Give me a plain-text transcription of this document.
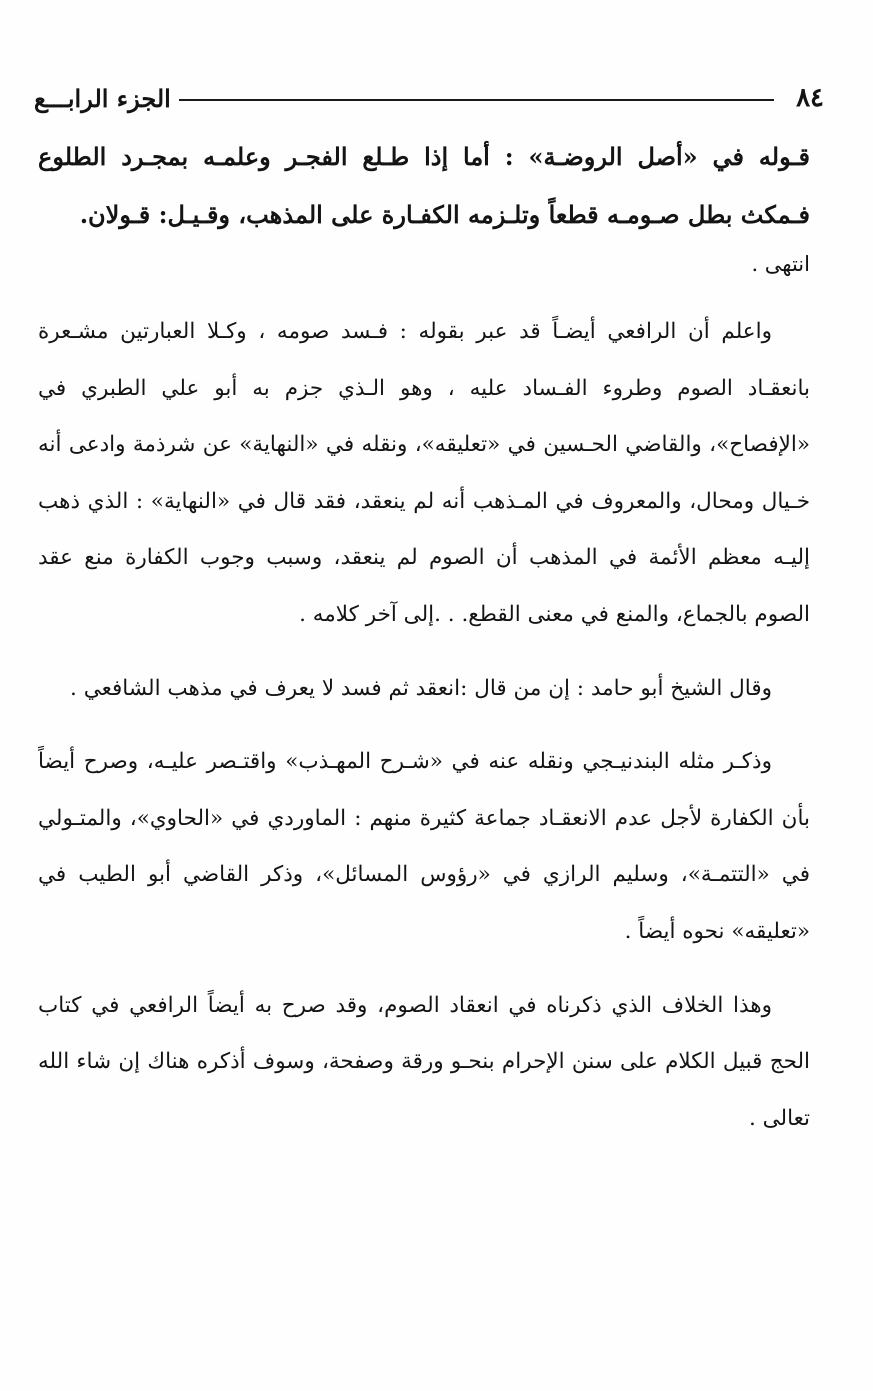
٨٤
الجزء الرابـــع

قـوله في «أصل الروضـة» : أما إذا طـلع الفجـر وعلمـه بمجـرد الطلوع فـمكث بطل صـومـه قطعاً وتلـزمه الكفـارة على المذهب، وقـيـل: قـولان.

انتهى .

واعلم أن الرافعي أيضـاً قد عبر بقوله : فـسد صومه ، وكـلا العبارتين مشـعرة بانعقـاد الصوم وطروء الفـساد عليه ، وهو الـذي جزم به أبو علي الطبري في «الإفصاح»، والقاضي الحـسين في «تعليقه»، ونقله في «النهاية» عن شرذمة وادعى أنه خـيال ومحال، والمعروف في المـذهب أنه لم ينعقد، فقد قال في «النهاية» : الذي ذهب إليـه معظم الأئمة في المذهب أن الصوم لم ينعقد، وسبب وجوب الكفارة منع عقد الصوم بالجماع، والمنع في معنى القطع. . .إلى آخر كلامه .

وقال الشيخ أبو حامد : إن من قال :انعقد ثم فسد لا يعرف في مذهب الشافعي .

وذكـر مثله البندنيـجي ونقله عنه في «شـرح المهـذب» واقتـصر عليـه، وصرح أيضاً بأن الكفارة لأجل عدم الانعقـاد جماعة كثيرة منهم : الماوردي في «الحاوي»، والمتـولي في «التتمـة»، وسليم الرازي في «رؤوس المسائل»، وذكر القاضي أبو الطيب في «تعليقه» نحوه أيضاً .

وهذا الخلاف الذي ذكرناه في انعقاد الصوم، وقد صرح به أيضاً الرافعي في كتاب الحج قبيل الكلام على سنن الإحرام بنحـو ورقة وصفحة، وسوف أذكره هناك إن شاء الله تعالى .
